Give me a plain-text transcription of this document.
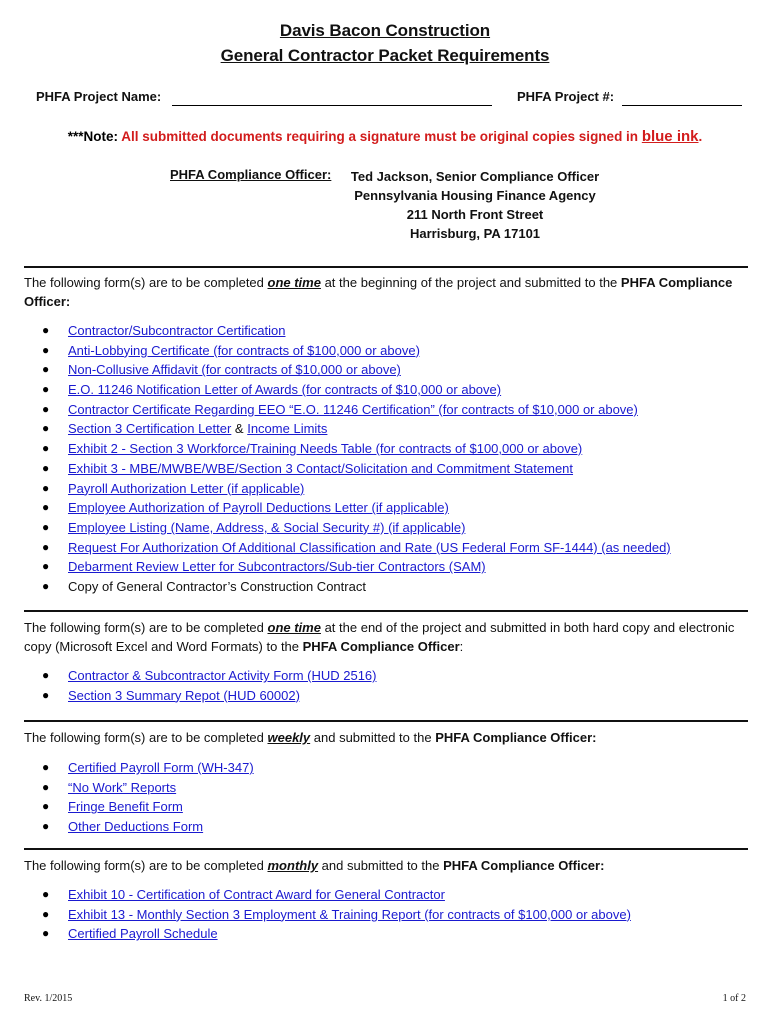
Davis Bacon Construction
General Contractor Packet Requirements
PHFA Project Name:	PHFA Project #:
***Note: All submitted documents requiring a signature must be original copies signed in blue ink.
PHFA Compliance Officer:	Ted Jackson, Senior Compliance Officer
Pennsylvania Housing Finance Agency
211 North Front Street
Harrisburg, PA 17101
The following form(s) are to be completed one time at the beginning of the project and submitted to the PHFA Compliance Officer:
● Contractor/Subcontractor Certification
● Anti-Lobbying Certificate (for contracts of $100,000 or above)
● Non-Collusive Affidavit (for contracts of $10,000 or above)
● E.O. 11246 Notification Letter of Awards (for contracts of $10,000 or above)
● Contractor Certificate Regarding EEO “E.O. 11246 Certification” (for contracts of $10,000 or above)
● Section 3 Certification Letter & Income Limits
● Exhibit 2 - Section 3 Workforce/Training Needs Table (for contracts of $100,000 or above)
● Exhibit 3 - MBE/MWBE/WBE/Section 3 Contact/Solicitation and Commitment Statement
● Payroll Authorization Letter (if applicable)
● Employee Authorization of Payroll Deductions Letter (if applicable)
● Employee Listing (Name, Address, & Social Security #) (if applicable)
● Request For Authorization Of Additional Classification and Rate (US Federal Form SF-1444) (as needed)
● Debarment Review Letter for Subcontractors/Sub-tier Contractors (SAM)
● Copy of General Contractor’s Construction Contract
The following form(s) are to be completed one time at the end of the project and submitted in both hard copy and electronic copy (Microsoft Excel and Word Formats) to the PHFA Compliance Officer:
● Contractor & Subcontractor Activity Form (HUD 2516)
● Section 3 Summary Repot (HUD 60002)
The following form(s) are to be completed weekly and submitted to the PHFA Compliance Officer:
● Certified Payroll Form (WH-347)
● “No Work” Reports
● Fringe Benefit Form
● Other Deductions Form
The following form(s) are to be completed monthly and submitted to the PHFA Compliance Officer:
● Exhibit 10 - Certification of Contract Award for General Contractor
● Exhibit 13 - Monthly Section 3 Employment & Training Report (for contracts of $100,000 or above)
● Certified Payroll Schedule
Rev. 1/2015	1 of 2
